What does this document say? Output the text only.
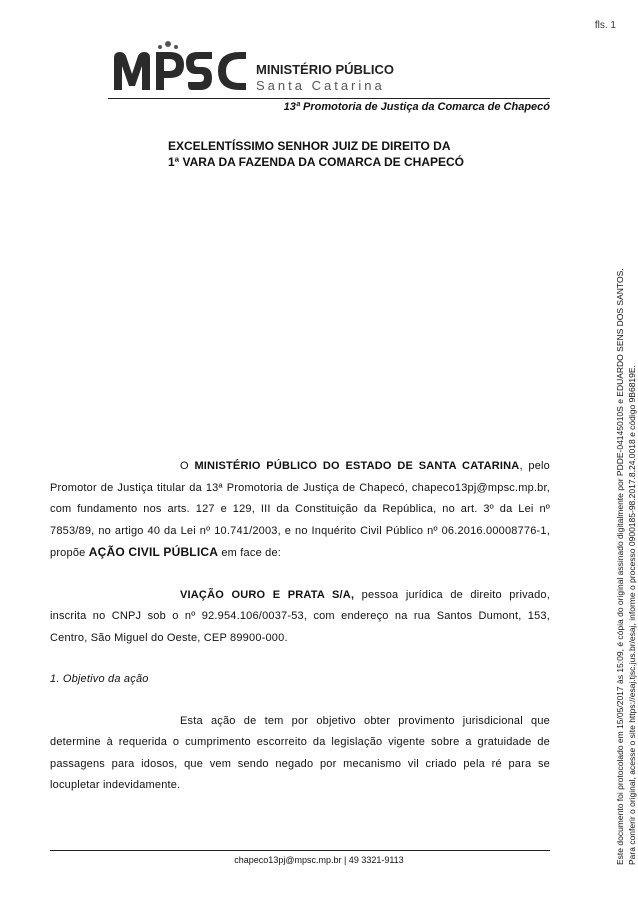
fls. 1
MINISTÉRIO PÚBLICO
Santa Catarina
13ª Promotoria de Justiça da Comarca de Chapecó
EXCELENTÍSSIMO SENHOR JUIZ DE DIREITO DA
1ª VARA DA FAZENDA DA COMARCA DE CHAPECÓ

O MINISTÉRIO PÚBLICO DO ESTADO DE SANTA CATARINA, pelo Promotor de Justiça titular da 13ª Promotoria de Justiça de Chapecó, chapeco13pj@mpsc.mp.br, com fundamento nos arts. 127 e 129, III da Constituição da República, no art. 3º da Lei nº 7853/89, no artigo 40 da Lei nº 10.741/2003, e no Inquérito Civil Público nº 06.2016.00008776-1, propõe AÇÃO CIVIL PÚBLICA em face de:

VIAÇÃO OURO E PRATA S/A, pessoa jurídica de direito privado, inscrita no CNPJ sob o nº 92.954.106/0037-53, com endereço na rua Santos Dumont, 153, Centro, São Miguel do Oeste, CEP 89900-000.

1. Objetivo da ação

Esta ação de tem por objetivo obter provimento jurisdicional que determine à requerida o cumprimento escorreito da legislação vigente sobre a gratuidade de passagens para idosos, que vem sendo negado por mecanismo vil criado pela ré para se locupletar indevidamente.

chapeco13pj@mpsc.mp.br | 49 3321-9113	Este documento foi protocolado em 15/05/2017 às 15:09, é cópia do original assinado digitalmente por PDDE-04145010S e EDUARDO SENS DOS SANTOS. Para conferir o original, acesse o site https://esaj.tjsc.jus.br/esaj, informe o processo 0900185-98.2017.8.24.0018 e código 9B6819E.
